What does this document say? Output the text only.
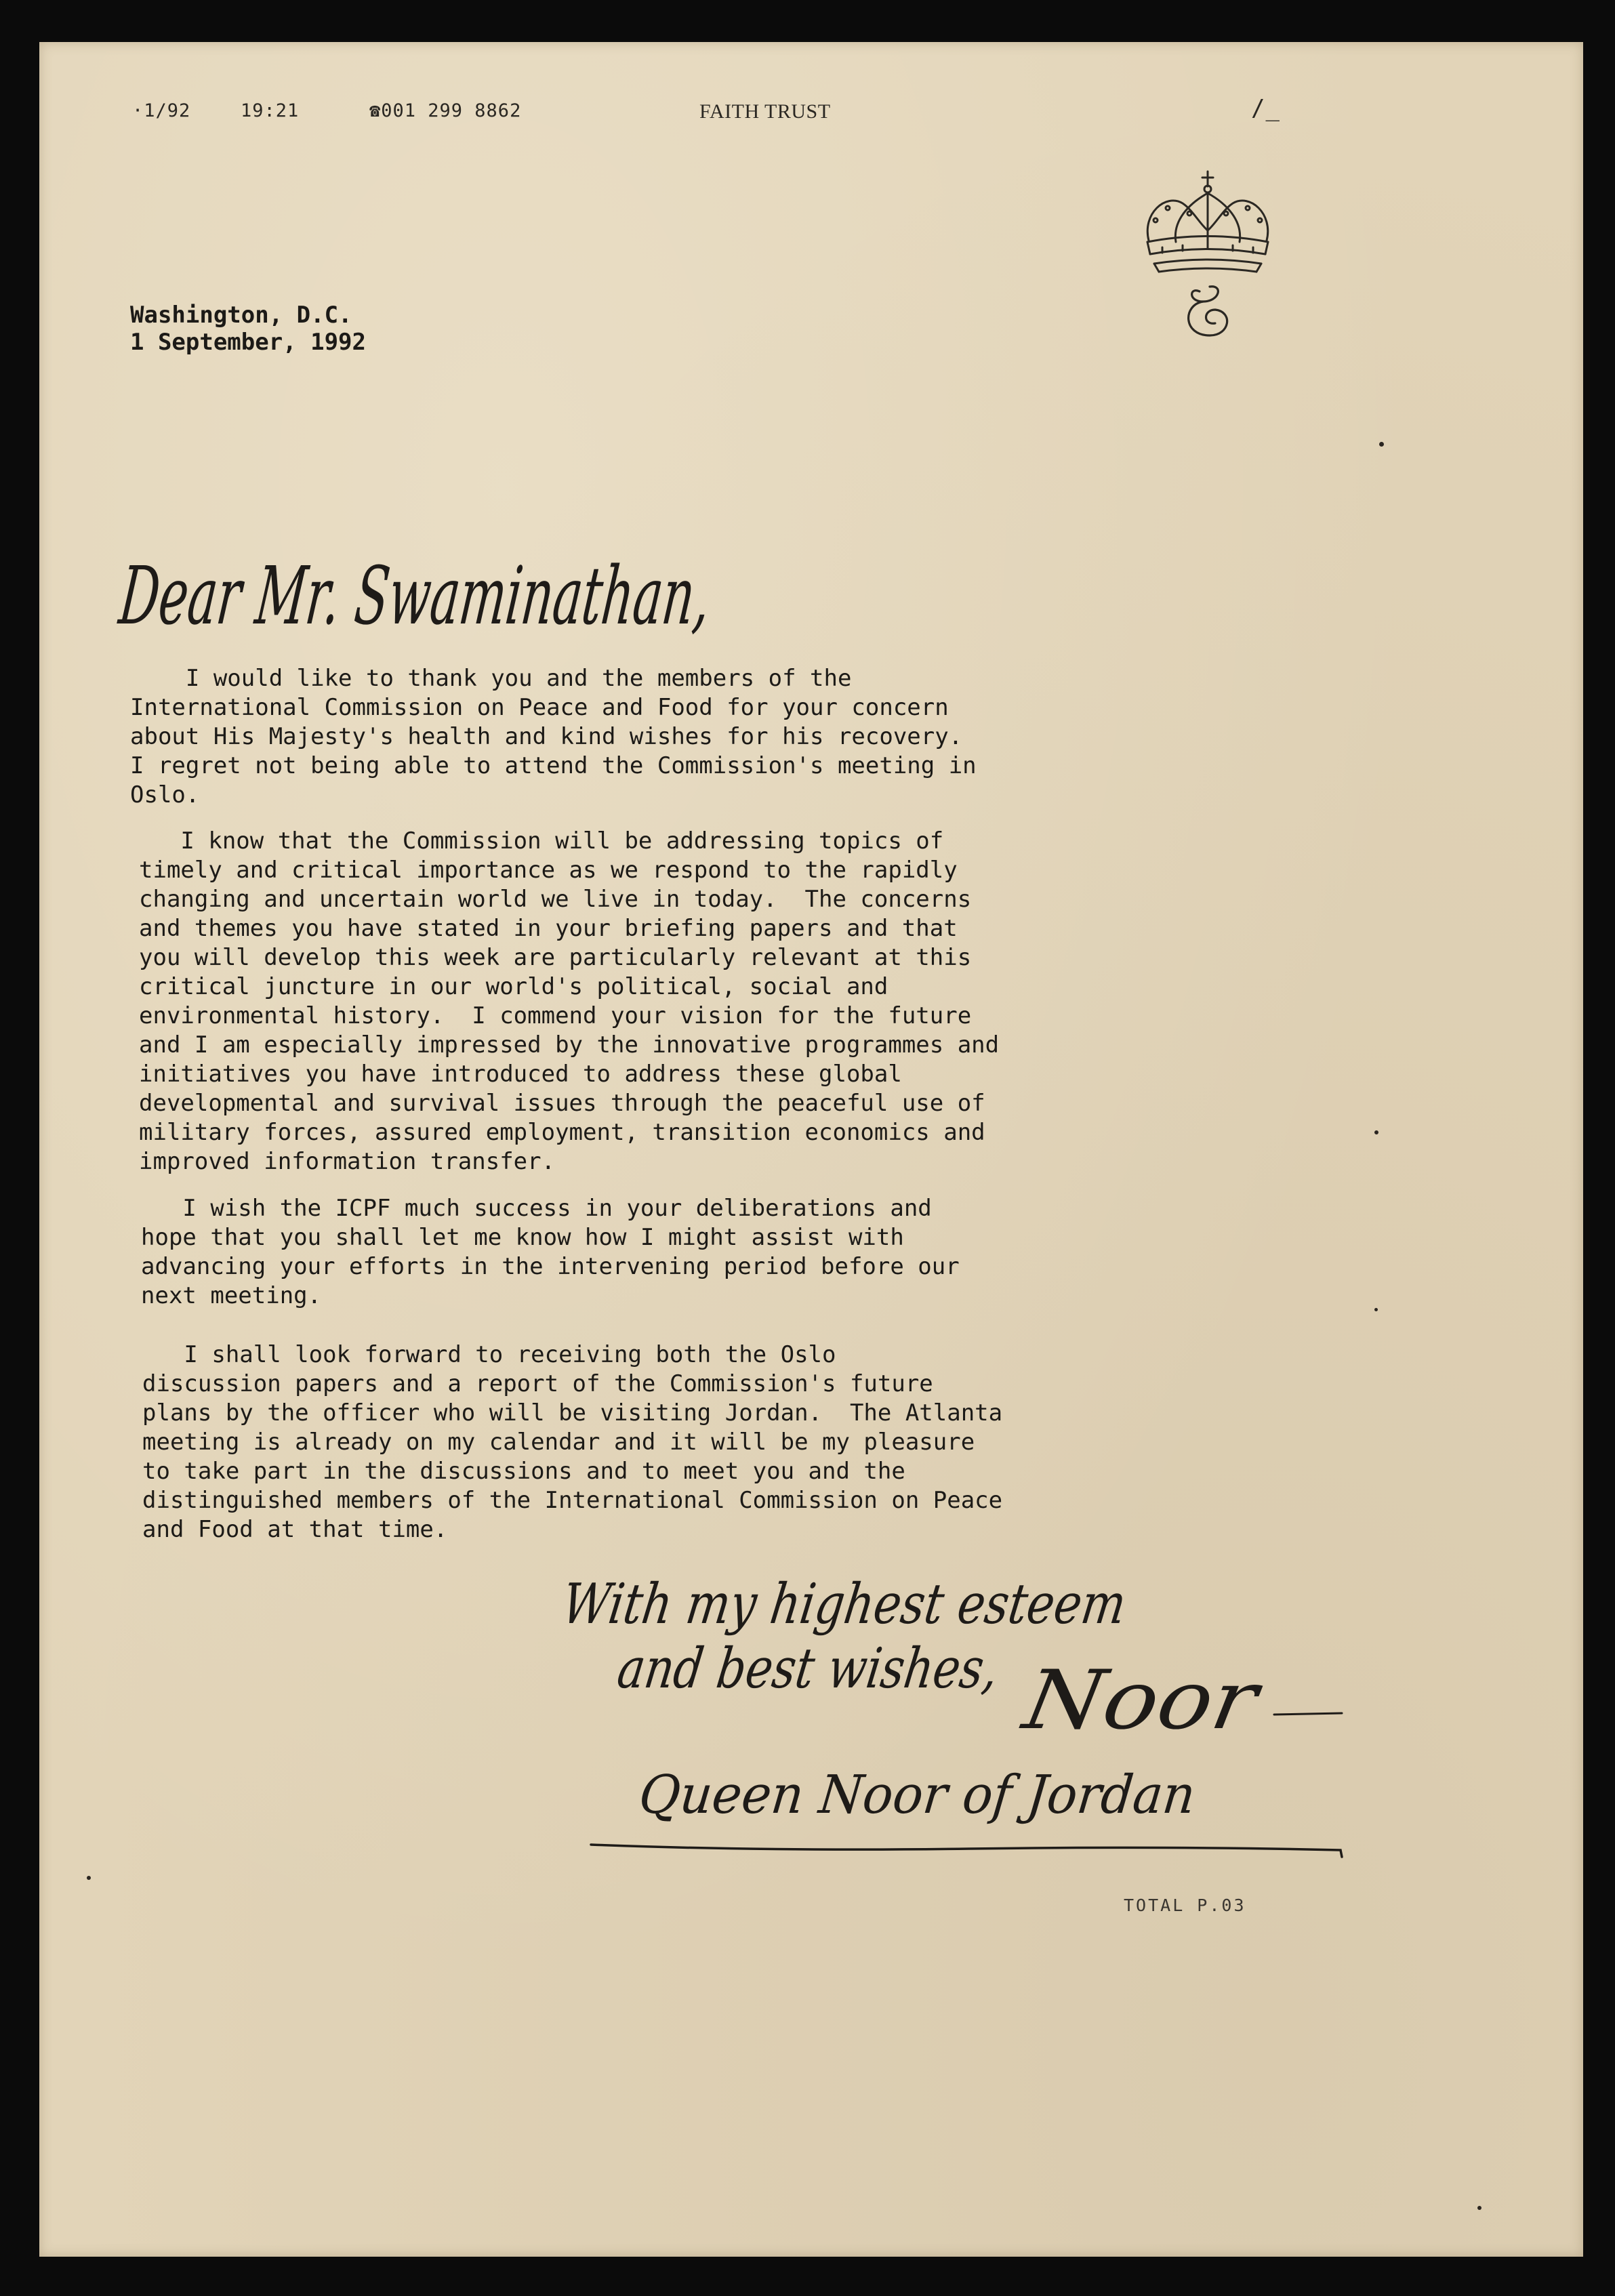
·1/92	19:21	☎001 299 8862	FAITH TRUST	/_
Washington, D.C.
1 September, 1992
Dear Mr. Swaminathan,
I would like to thank you and the members of the
International Commission on Peace and Food for your concern
about His Majesty's health and kind wishes for his recovery.
I regret not being able to attend the Commission's meeting in
Oslo.
I know that the Commission will be addressing topics of
timely and critical importance as we respond to the rapidly
changing and uncertain world we live in today.  The concerns
and themes you have stated in your briefing papers and that
you will develop this week are particularly relevant at this
critical juncture in our world's political, social and
environmental history.  I commend your vision for the future
and I am especially impressed by the innovative programmes and
initiatives you have introduced to address these global
developmental and survival issues through the peaceful use of
military forces, assured employment, transition economics and
improved information transfer.
I wish the ICPF much success in your deliberations and
hope that you shall let me know how I might assist with
advancing your efforts in the intervening period before our
next meeting.
I shall look forward to receiving both the Oslo
discussion papers and a report of the Commission's future
plans by the officer who will be visiting Jordan.  The Atlanta
meeting is already on my calendar and it will be my pleasure
to take part in the discussions and to meet you and the
distinguished members of the International Commission on Peace
and Food at that time.
With my highest esteem
and best wishes,
Noor
Queen Noor of Jordan
TOTAL P.03
